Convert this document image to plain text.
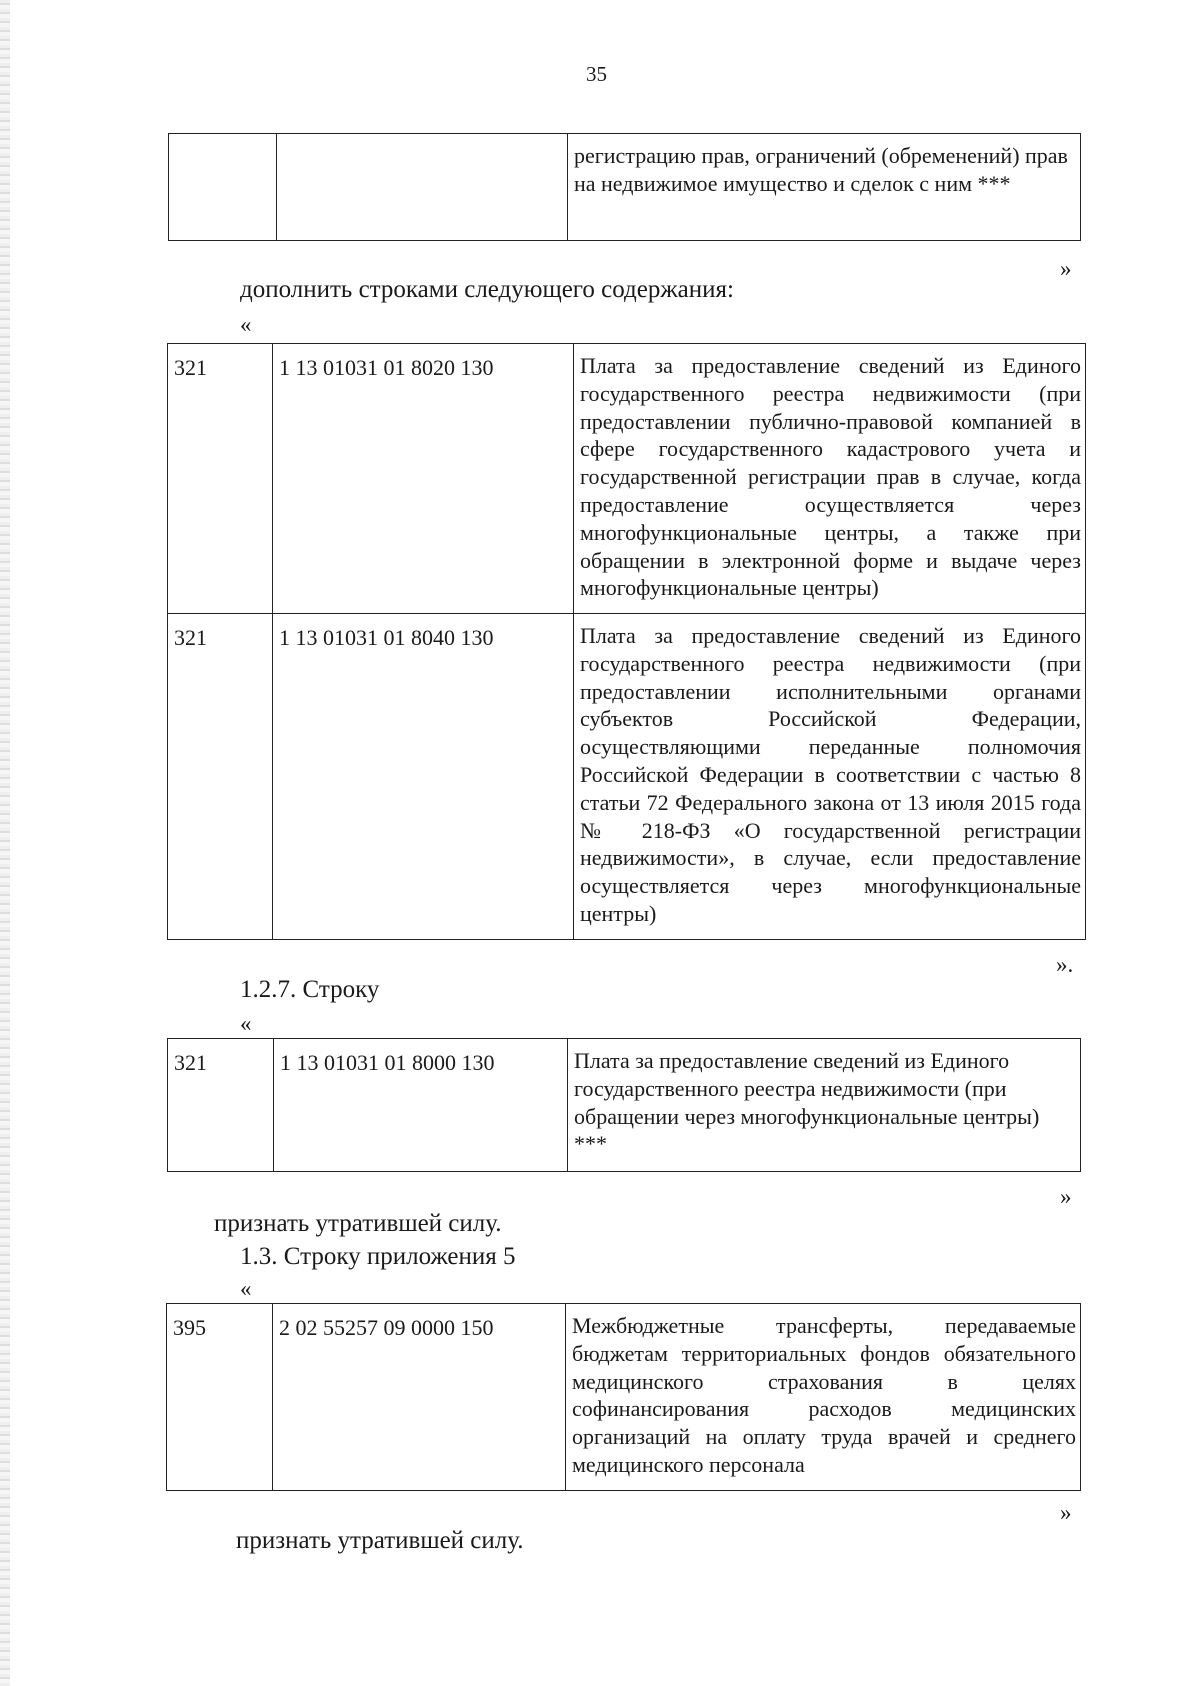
35
		регистрацию прав, ограничений (обременений) прав на недвижимое имущество и сделок с ним ***
»
дополнить строками следующего содержания:
«
321	1 13 01031 01 8020 130	Плата за предоставление сведений из Единого государственного реестра недвижимости (при предоставлении публично-правовой компанией в сфере государственного кадастрового учета и государственной регистрации прав в случае, когда предоставление осуществляется через многофункциональные центры, а также при обращении в электронной форме и выдаче через многофункциональные центры)
321	1 13 01031 01 8040 130	Плата за предоставление сведений из Единого государственного реестра недвижимости (при предоставлении исполнительными органами субъектов Российской Федерации, осуществляющими переданные полномочия Российской Федерации в соответствии с частью 8 статьи 72 Федерального закона от 13 июля 2015 года № 218-ФЗ «О государственной регистрации недвижимости», в случае, если предоставление осуществляется через многофункциональные центры)
».
1.2.7. Строку
«
321	1 13 01031 01 8000 130	Плата за предоставление сведений из Единого государственного реестра недвижимости (при обращении через многофункциональные центры) ***
»
признать утратившей силу.
1.3. Строку приложения 5
«
395	2 02 55257 09 0000 150	Межбюджетные трансферты, передаваемые бюджетам территориальных фондов обязательного медицинского страхования в целях софинансирования расходов медицинских организаций на оплату труда врачей и среднего медицинского персонала
»
признать утратившей силу.
